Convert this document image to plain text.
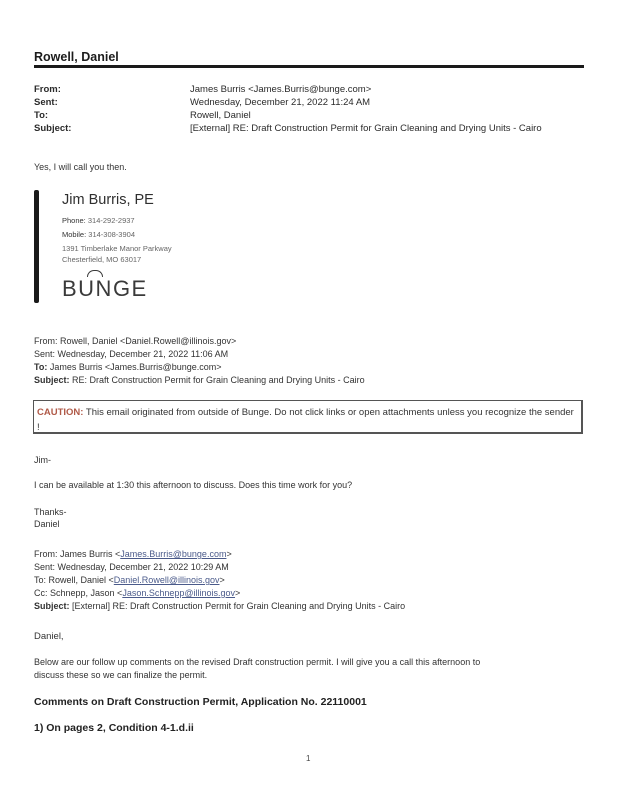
Rowell, Daniel
From:	James Burris <James.Burris@bunge.com>
Sent:	Wednesday, December 21, 2022 11:24 AM
To:	Rowell, Daniel
Subject:	[External] RE: Draft Construction Permit for Grain Cleaning and Drying Units - Cairo
Yes, I will call you then.
Jim Burris, PE
Phone: 314-292-2937
Mobile: 314-308-3904
1391 Timberlake Manor Parkway
Chesterfield, MO 63017
BUNGE
From: Rowell, Daniel <Daniel.Rowell@illinois.gov>
Sent: Wednesday, December 21, 2022 11:06 AM
To: James Burris <James.Burris@bunge.com>
Subject: RE: Draft Construction Permit for Grain Cleaning and Drying Units - Cairo
CAUTION: This email originated from outside of Bunge. Do not click links or open attachments unless you recognize the sender !
Jim-
I can be available at 1:30 this afternoon to discuss. Does this time work for you?
Thanks-
Daniel
From: James Burris <James.Burris@bunge.com>
Sent: Wednesday, December 21, 2022 10:29 AM
To: Rowell, Daniel <Daniel.Rowell@illinois.gov>
Cc: Schnepp, Jason <Jason.Schnepp@illinois.gov>
Subject: [External] RE: Draft Construction Permit for Grain Cleaning and Drying Units - Cairo
Daniel,
Below are our follow up comments on the revised Draft construction permit. I will give you a call this afternoon to
discuss these so we can finalize the permit.
Comments on Draft Construction Permit, Application No. 22110001
1) On pages 2, Condition 4-1.d.ii
1
